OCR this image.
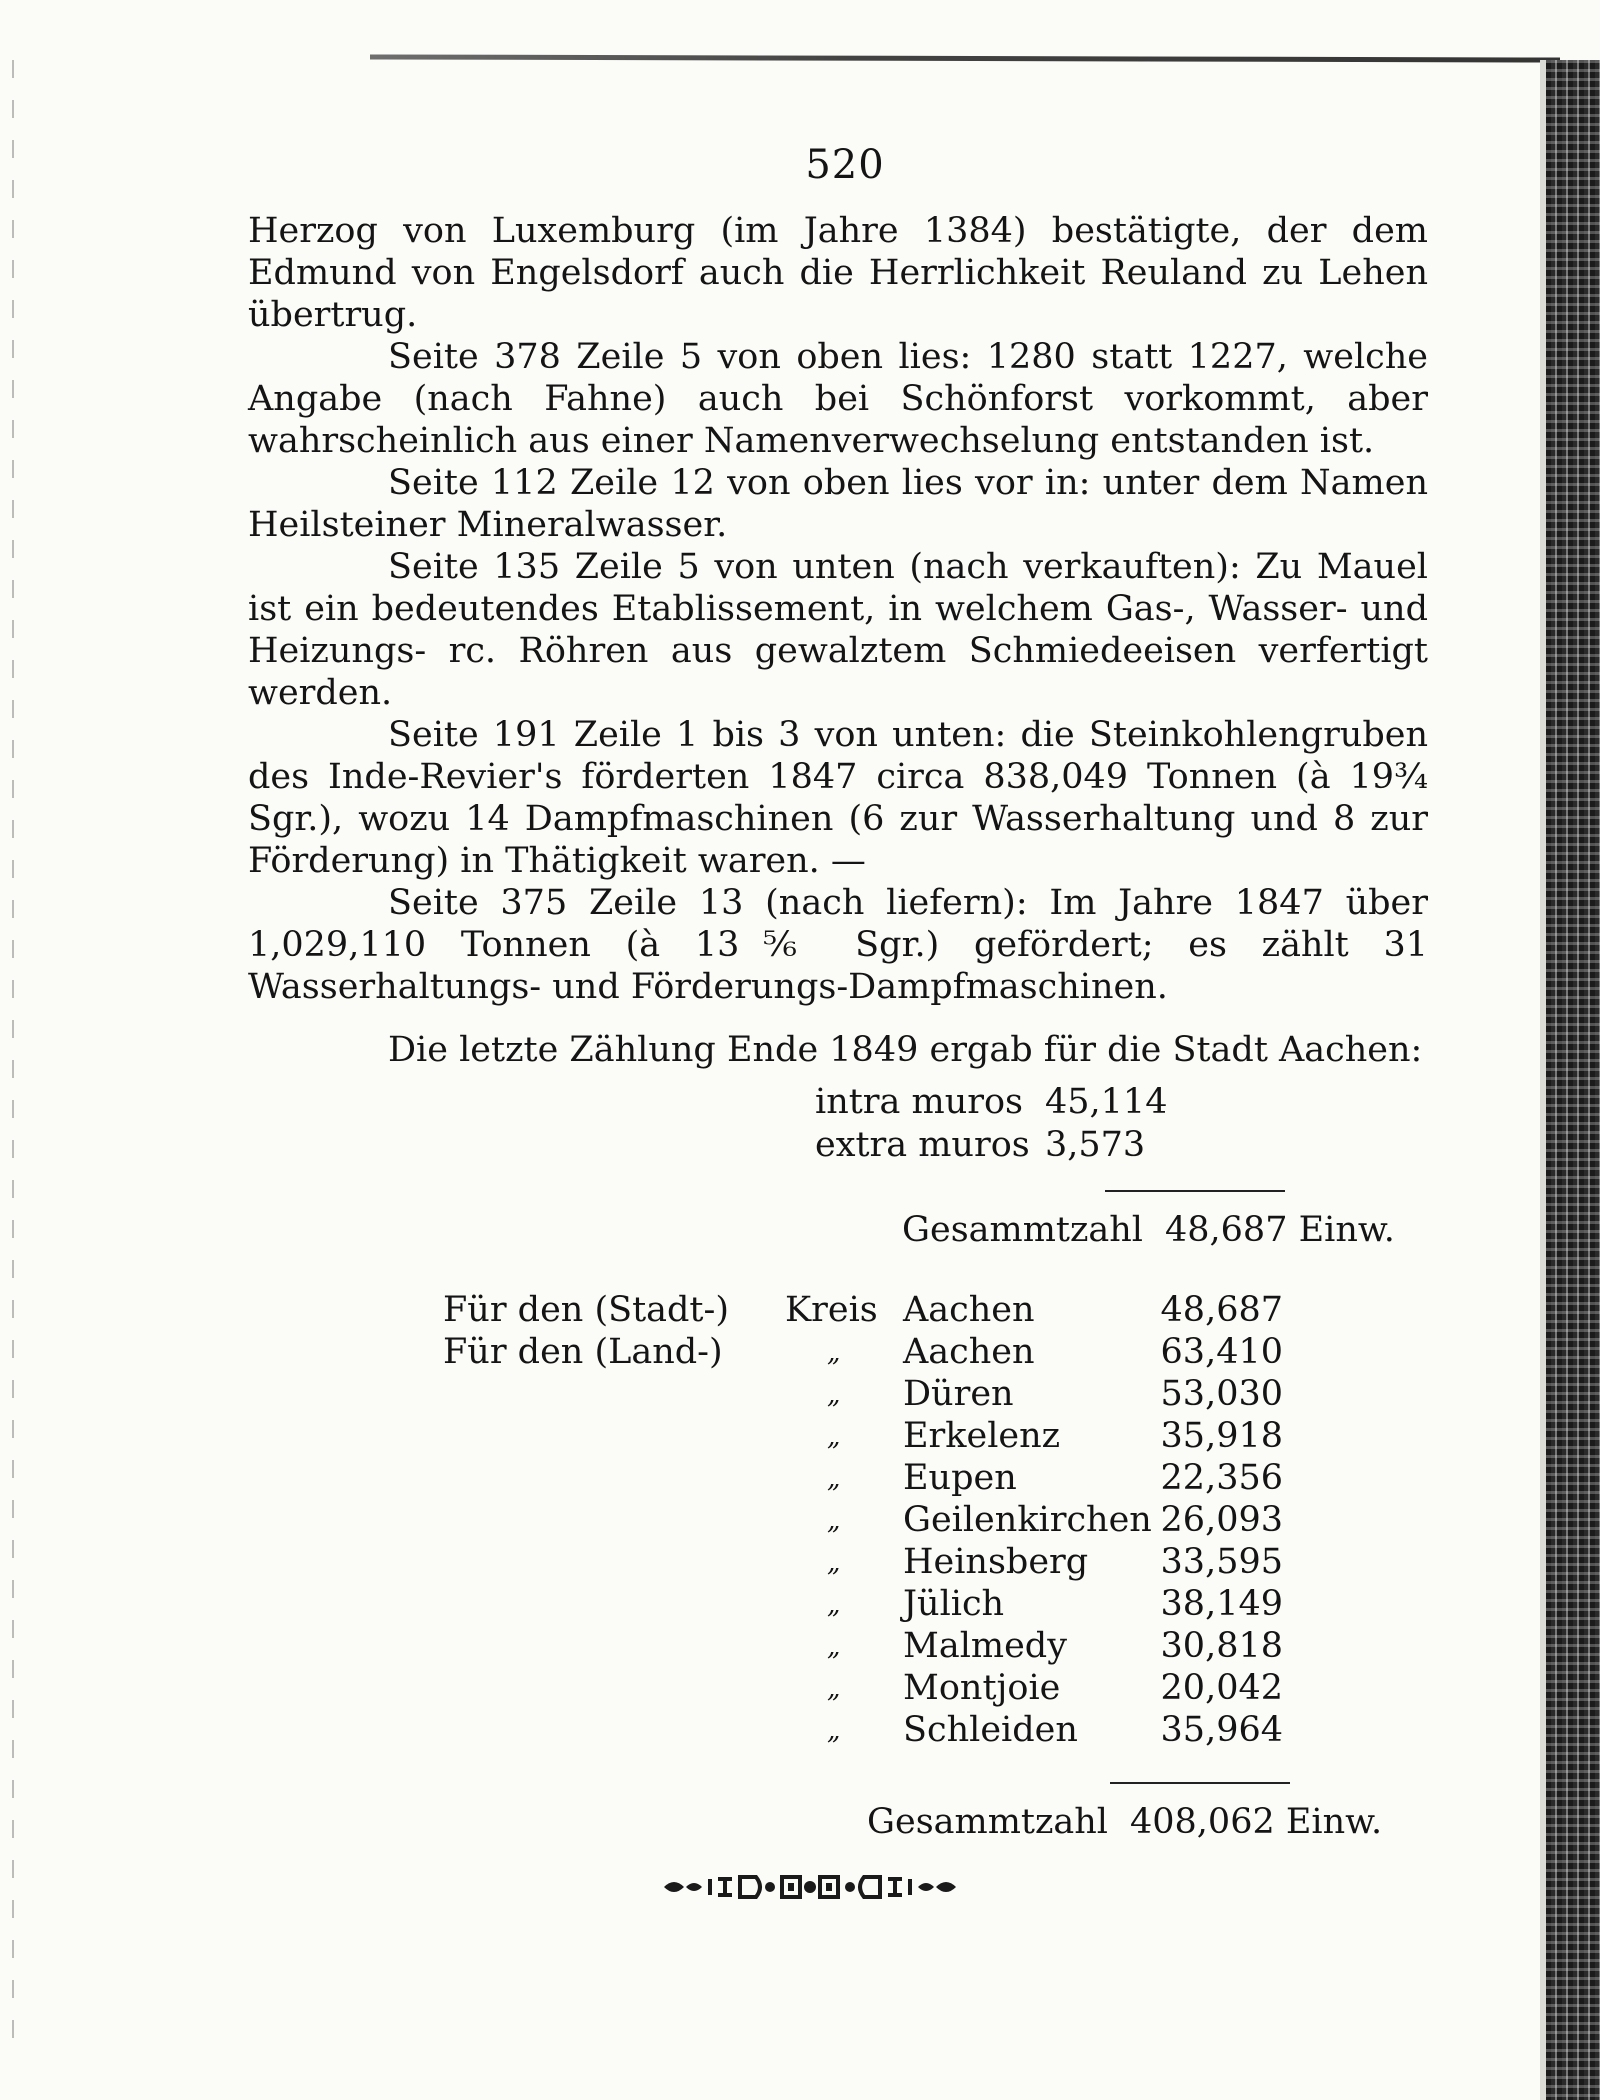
520

Herzog von Luxemburg (im Jahre 1384) bestätigte, der dem Edmund von Engelsdorf auch die Herrlichkeit Reuland zu Lehen übertrug.

Seite 378 Zeile 5 von oben lies: 1280 statt 1227, welche Angabe (nach Fahne) auch bei Schönforst vorkommt, aber wahrscheinlich aus einer Namenverwechselung entstanden ist.

Seite 112 Zeile 12 von oben lies vor in: unter dem Namen Heilsteiner Mineralwasser.

Seite 135 Zeile 5 von unten (nach verkauften): Zu Mauel ist ein bedeutendes Etablissement, in welchem Gas-, Wasser- und Heizungs- rc. Röhren aus gewalztem Schmiedeeisen verfertigt werden.

Seite 191 Zeile 1 bis 3 von unten: die Steinkohlengruben des Inde-Revier's förderten 1847 circa 838,049 Tonnen (à 19¾ Sgr.), wozu 14 Dampfmaschinen (6 zur Wasserhaltung und 8 zur Förderung) in Thätigkeit waren. —

Seite 375 Zeile 13 (nach liefern): Im Jahre 1847 über 1,029,110 Tonnen (à 13⅚ Sgr.) gefördert; es zählt 31 Wasserhaltungs- und Förderungs-Dampfmaschinen.

Die letzte Zählung Ende 1849 ergab für die Stadt Aachen:
intra muros 45,114
extra muros 3,573
Gesammtzahl 48,687 Einw.
Für den (Stadt-) Kreis Aachen	48,687
Für den (Land-)	„ Aachen	63,410
„ Düren	53,030
„ Erkelenz	35,918
„ Eupen	22,356
„ Geilenkirchen 26,093
„ Heinsberg	33,595
„ Jülich	38,149
„ Malmedy	30,818
„ Montjoie	20,042
„ Schleiden	35,964
Gesammtzahl 408,062 Einw.
